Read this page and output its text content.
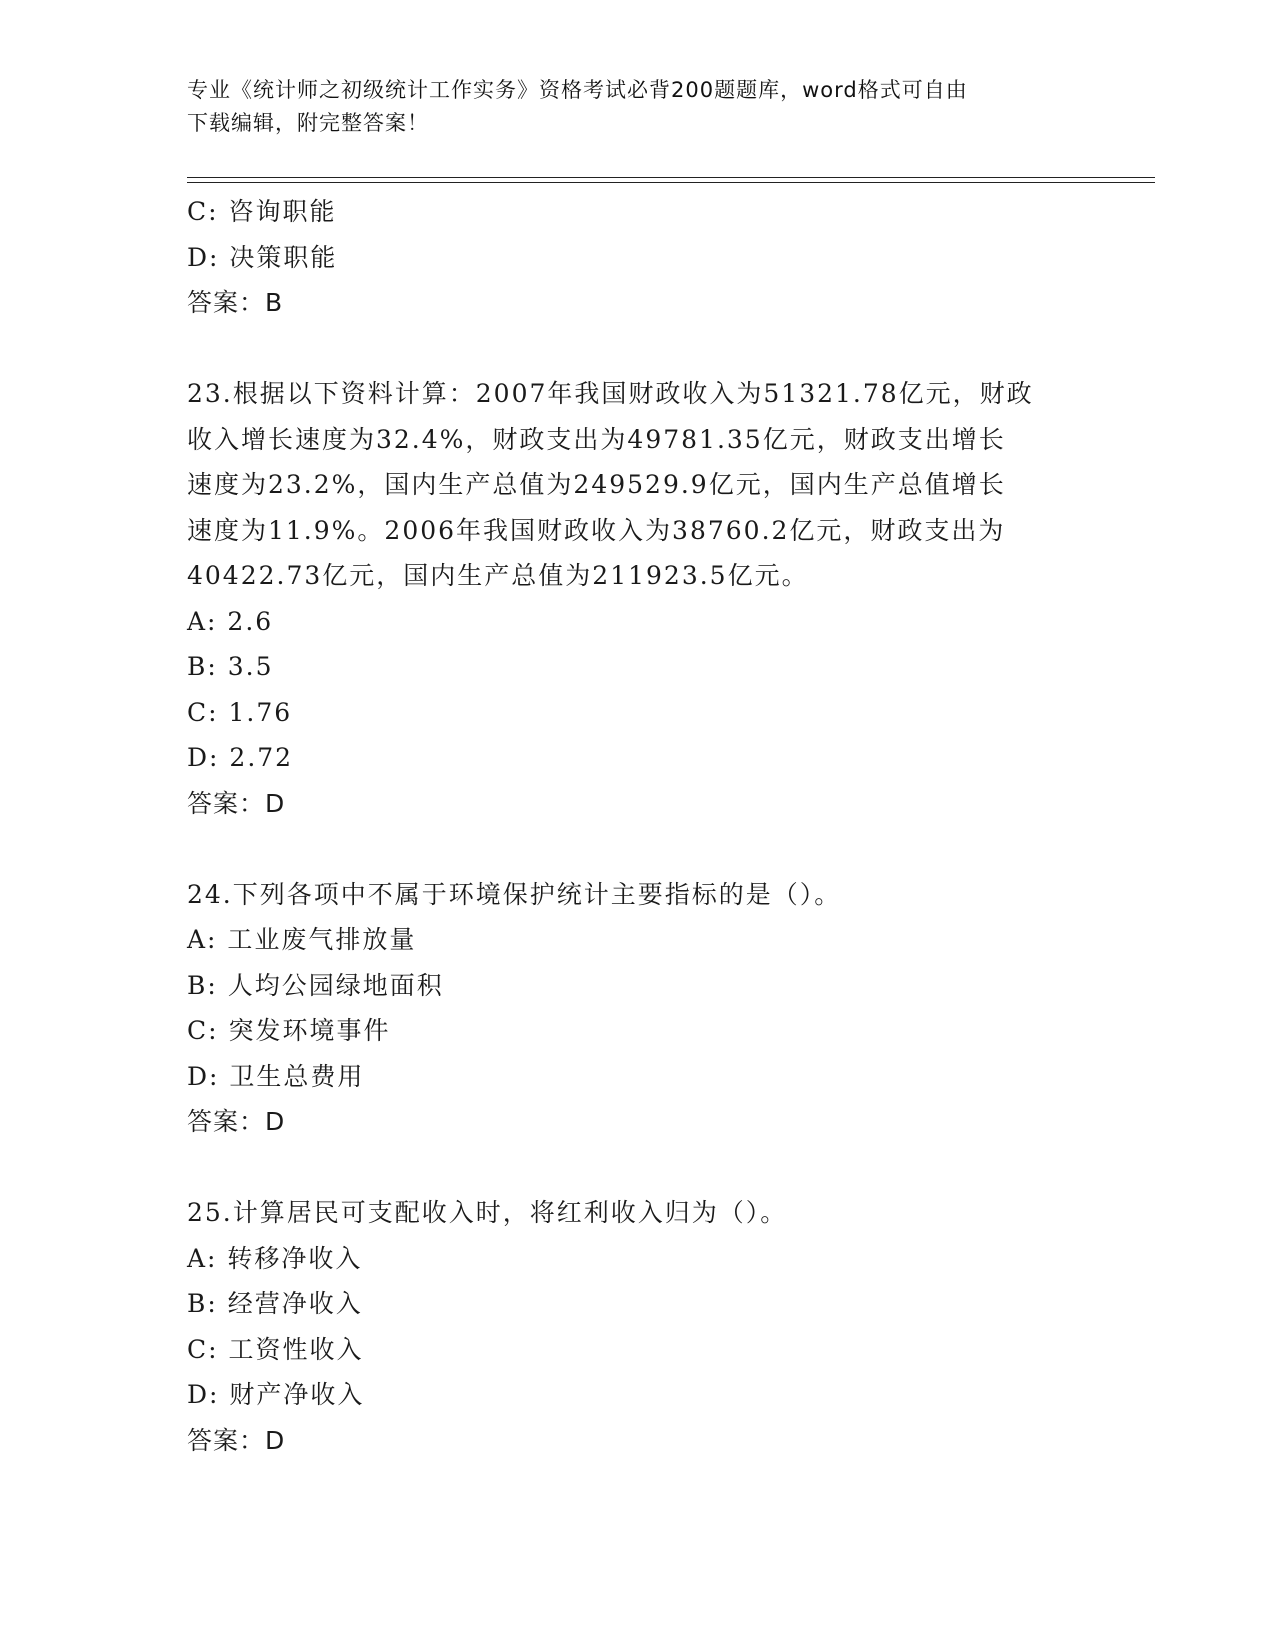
专业《统计师之初级统计工作实务》资格考试必背200题题库，word格式可自由
下载编辑，附完整答案！
C: 咨询职能
D: 决策职能
答案：B
23.根据以下资料计算：2007年我国财政收入为51321.78亿元，财政
收入增长速度为32.4%，财政支出为49781.35亿元，财政支出增长
速度为23.2%，国内生产总值为249529.9亿元，国内生产总值增长
速度为11.9%。2006年我国财政收入为38760.2亿元，财政支出为
40422.73亿元，国内生产总值为211923.5亿元。
A: 2.6
B: 3.5
C: 1.76
D: 2.72
答案：D
24.下列各项中不属于环境保护统计主要指标的是（）。
A: 工业废气排放量
B: 人均公园绿地面积
C: 突发环境事件
D: 卫生总费用
答案：D
25.计算居民可支配收入时，将红利收入归为（）。
A: 转移净收入
B: 经营净收入
C: 工资性收入
D: 财产净收入
答案：D
